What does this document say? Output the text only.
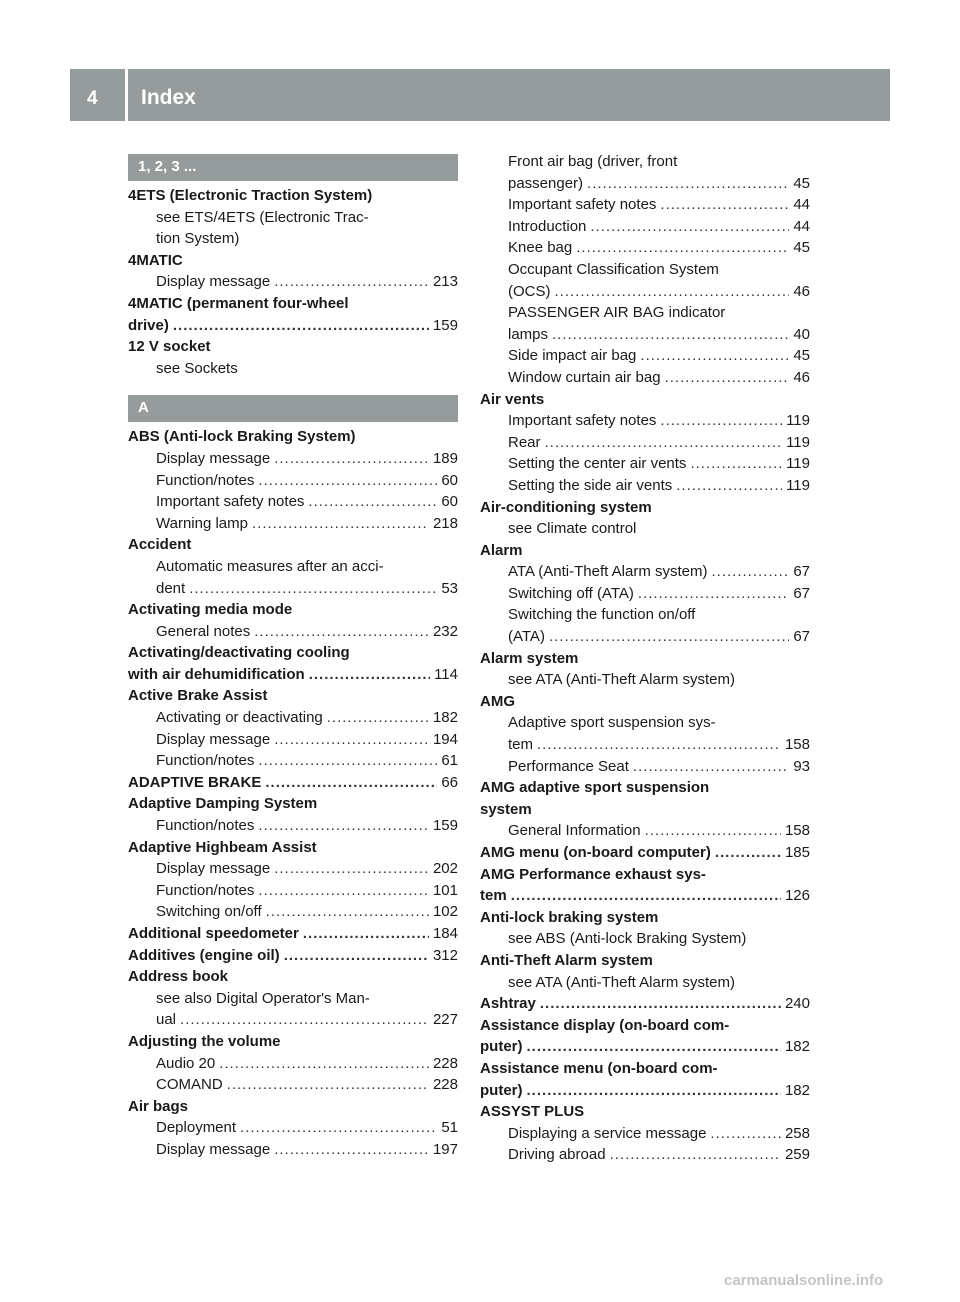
4 Index
1, 2, 3 ...
4ETS (Electronic Traction System)
see ETS/4ETS (Electronic Trac-
tion System)
4MATIC
Display message .....	213
4MATIC (permanent four-wheel
drive) .....	159
12 V socket
see Sockets
A
ABS (Anti-lock Braking System)
Display message .....	189
Function/notes .....	60
Important safety notes .....	60
Warning lamp .....	218
Accident
Automatic measures after an acci-
dent .....	53
Activating media mode
General notes .....	232
Activating/deactivating cooling
with air dehumidification .....	114
Active Brake Assist
Activating or deactivating .....	182
Display message .....	194
Function/notes .....	61
ADAPTIVE BRAKE .....	66
Adaptive Damping System
Function/notes .....	159
Adaptive Highbeam Assist
Display message .....	202
Function/notes .....	101
Switching on/off .....	102
Additional speedometer .....	184
Additives (engine oil) .....	312
Address book
see also Digital Operator's Man-
ual .....	227
Adjusting the volume
Audio 20 .....	228
COMAND .....	228
Air bags
Deployment .....	51
Display message .....	197
Front air bag (driver, front
passenger) .....	45
Important safety notes .....	44
Introduction .....	44
Knee bag .....	45
Occupant Classification System
(OCS) .....	46
PASSENGER AIR BAG indicator
lamps .....	40
Side impact air bag .....	45
Window curtain air bag .....	46
Air vents
Important safety notes .....	119
Rear .....	119
Setting the center air vents .....	119
Setting the side air vents .....	119
Air-conditioning system
see Climate control
Alarm
ATA (Anti-Theft Alarm system) .....	67
Switching off (ATA) .....	67
Switching the function on/off
(ATA) .....	67
Alarm system
see ATA (Anti-Theft Alarm system)
AMG
Adaptive sport suspension sys-
tem .....	158
Performance Seat .....	93
AMG adaptive sport suspension
system
General Information .....	158
AMG menu (on-board computer) .....	185
AMG Performance exhaust sys-
tem .....	126
Anti-lock braking system
see ABS (Anti-lock Braking System)
Anti-Theft Alarm system
see ATA (Anti-Theft Alarm system)
Ashtray .....	240
Assistance display (on-board com-
puter) .....	182
Assistance menu (on-board com-
puter) .....	182
ASSYST PLUS
Displaying a service message .....	258
Driving abroad .....	259
carmanualsonline.info
